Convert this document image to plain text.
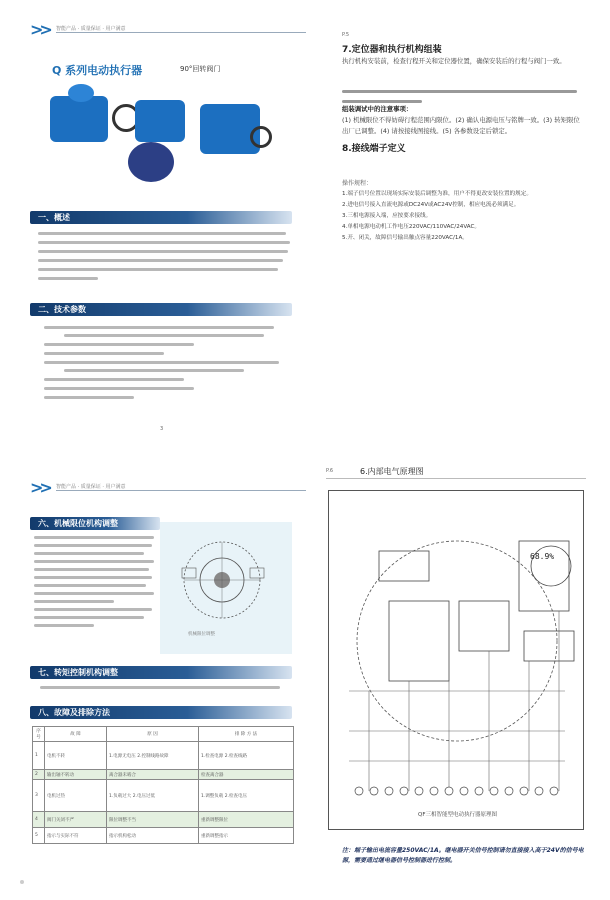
>> 智能产品 · 质量保证 · 用户满意
Q 系列电动执行器	90°回转阀门
一、概述
二、技术参数
3
P.5
7.定位器和执行机构组装
执行机构安装前，检查行程开关和定位器位置，确保安装后的行程与阀门一致。
组装调试中的注意事项：
(1) 机械限位不得妨碍行程范围内限位。(2) 确认电源电压与铭牌一致。(3) 转矩限位出厂已调整。(4) 请按接线图接线。(5) 各参数设定后锁定。
8.接线端子定义
操作规程：
1.端子信号位置以现场实际安装后调整为准，用户不得更改安装位置的规定。
2.进电信号接入直流电源或DC24V或AC24V控制，相应电流必须满足。
3.三相电源接入端，应按要求接线。
4.单相电源电动机工作电压220VAC/110VAC/24VAC。
5.开、闭关，故障信号输出触点容量220VAC/1A。
>> 智能产品 · 质量保证 · 用户满意
六、机械限位机构调整
机械限位调整
七、转矩控制机构调整
八、故障及排除方法
序号	故 障	原 因	排 除 方 法
1	电机不转	1.电源无电压 2.控制线路故障	1.检查电源 2.检查线路
2	输出轴不转动	离合器未啮合	检查离合器
3	电机过热	1.负载过大 2.电压过低	1.调整负载 2.检查电压
4	阀门关闭不严	限位调整不当	重新调整限位
5	指示与实际不符	指示机构松动	重新调整指示
P.6	6.内部电气原理图
68.9%
QF三相智能型电动执行器原理图
注：端子输出电流容量250VAC/1A。继电器开关信号控制请勿直接接入高于24V的信号电源，需要通过继电器信号控制器进行控制。
